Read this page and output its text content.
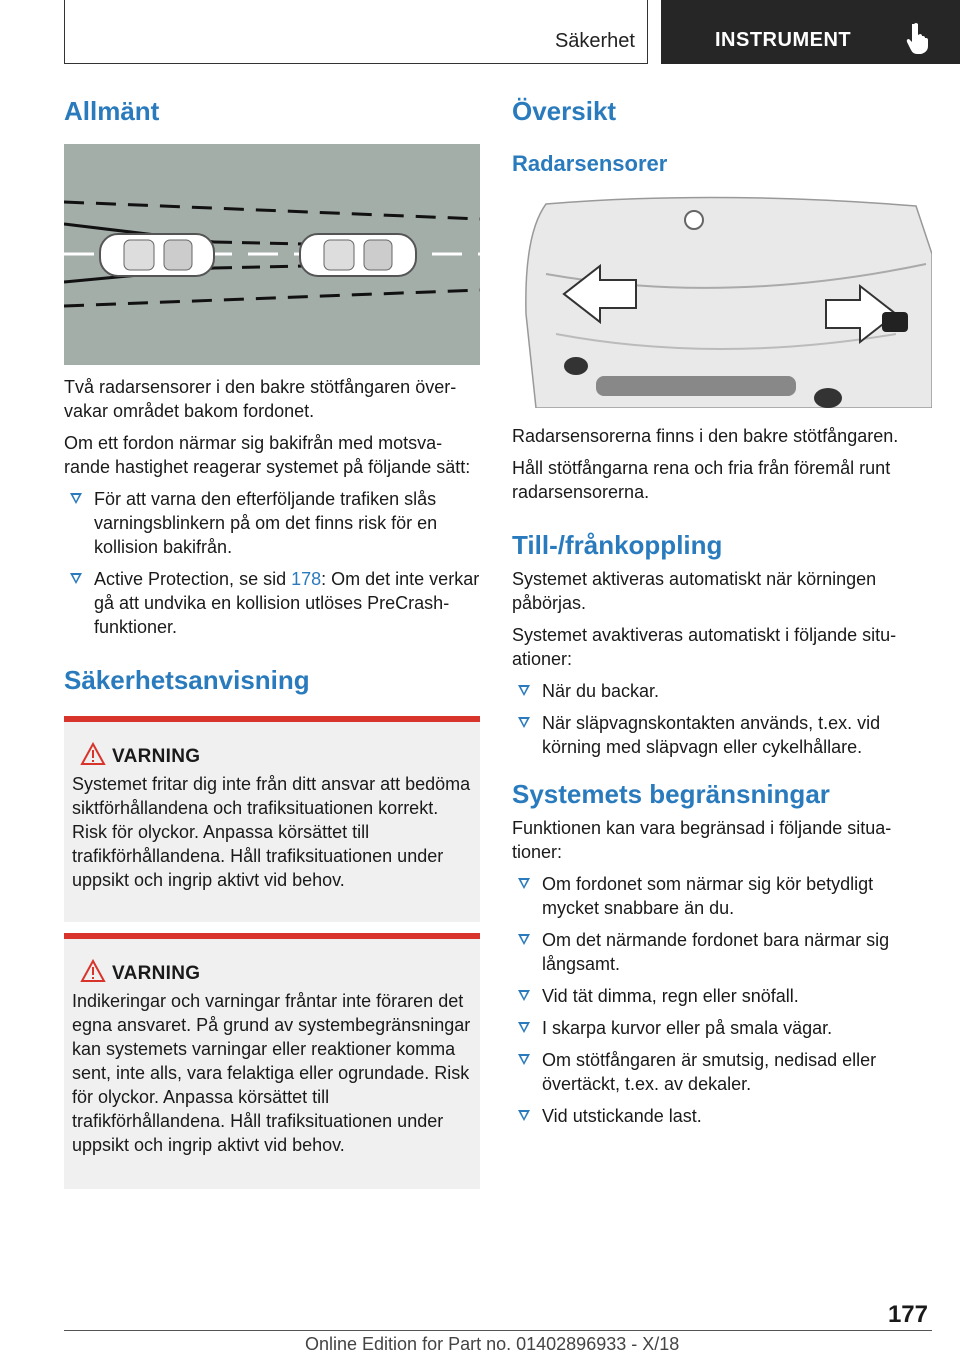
Säkerhet	INSTRUMENT
Allmänt

Två radarsensorer i den bakre stötfångaren övervakar området bakom fordonet.

Om ett fordon närmar sig bakifrån med motsvarande hastighet reagerar systemet på följande sätt:

För att varna den efterföljande trafiken slås varningsblinkern på om det finns risk för en kollision bakifrån.
Active Protection, se sid 178: Om det inte verkar gå att undvika en kollision utlöses PreCrash-funktioner.
Säkerhetsanvisning
VARNING

Systemet fritar dig inte från ditt ansvar att bedöma siktförhållandena och trafiksituationen korrekt. Risk för olyckor. Anpassa körsättet till trafikförhållandena. Håll trafiksituationen under uppsikt och ingrip aktivt vid behov.

VARNING

Indikeringar och varningar fråntar inte föraren det egna ansvaret. På grund av systembegränsningar kan systemets varningar eller reaktioner komma sent, inte alls, vara felaktiga eller ogrundade. Risk för olyckor. Anpassa körsättet till trafikförhållandena. Håll trafiksituationen under uppsikt och ingrip aktivt vid behov.

Översikt
Radarsensorer

Radarsensorerna finns i den bakre stötfångaren.

Håll stötfångarna rena och fria från föremål runt radarsensorerna.

Till-/frånkoppling

Systemet aktiveras automatiskt när körningen påbörjas.

Systemet avaktiveras automatiskt i följande situationer:

När du backar.
När släpvagnskontakten används, t.ex. vid körning med släpvagn eller cykelhållare.
Systemets begränsningar

Funktionen kan vara begränsad i följande situationer:

Om fordonet som närmar sig kör betydligt mycket snabbare än du.
Om det närmande fordonet bara närmar sig långsamt.
Vid tät dimma, regn eller snöfall.
I skarpa kurvor eller på smala vägar.
Om stötfångaren är smutsig, nedisad eller övertäckt, t.ex. av dekaler.
Vid utstickande last.
177
Online Edition for Part no. 01402896933 - X/18
